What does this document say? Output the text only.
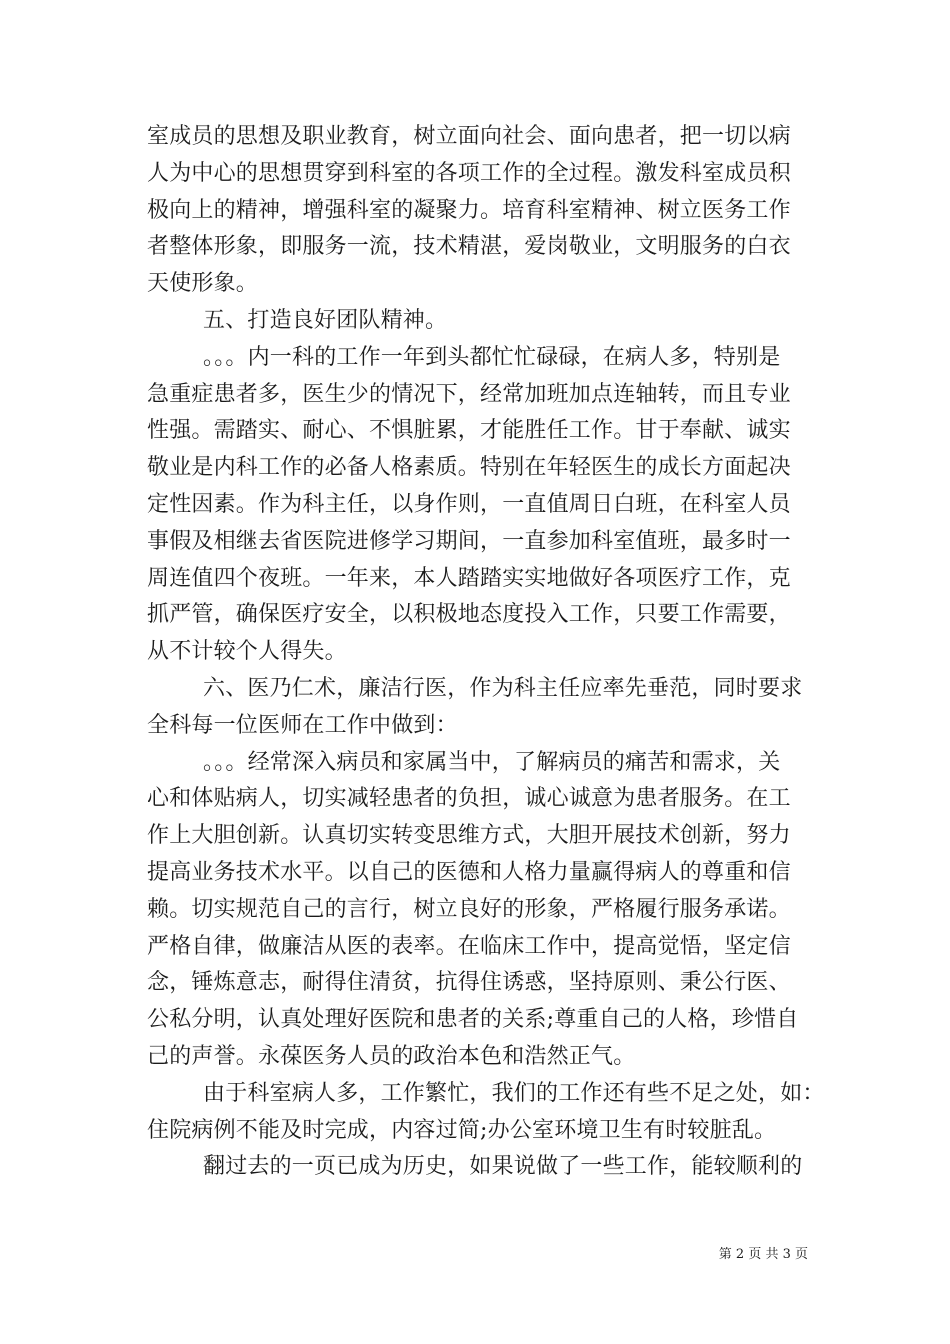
室成员的思想及职业教育，树立面向社会、面向患者，把一切以病
人为中心的思想贯穿到科室的各项工作的全过程。激发科室成员积
极向上的精神，增强科室的凝聚力。培育科室精神、树立医务工作
者整体形象，即服务一流，技术精湛，爱岗敬业，文明服务的白衣
天使形象。
五、打造良好团队精神。
。。。内一科的工作一年到头都忙忙碌碌，在病人多，特别是
急重症患者多，医生少的情况下，经常加班加点连轴转，而且专业
性强。需踏实、耐心、不惧脏累，才能胜任工作。甘于奉献、诚实
敬业是内科工作的必备人格素质。特别在年轻医生的成长方面起决
定性因素。作为科主任，以身作则，一直值周日白班，在科室人员
事假及相继去省医院进修学习期间，一直参加科室值班，最多时一
周连值四个夜班。一年来，本人踏踏实实地做好各项医疗工作，克
抓严管，确保医疗安全，以积极地态度投入工作，只要工作需要，
从不计较个人得失。
六、医乃仁术，廉洁行医，作为科主任应率先垂范，同时要求
全科每一位医师在工作中做到：
。。。经常深入病员和家属当中，了解病员的痛苦和需求，关
心和体贴病人，切实减轻患者的负担，诚心诚意为患者服务。在工
作上大胆创新。认真切实转变思维方式，大胆开展技术创新，努力
提高业务技术水平。以自己的医德和人格力量赢得病人的尊重和信
赖。切实规范自己的言行，树立良好的形象，严格履行服务承诺。
严格自律，做廉洁从医的表率。在临床工作中，提高觉悟，坚定信
念，锤炼意志，耐得住清贫，抗得住诱惑，坚持原则、秉公行医、
公私分明，认真处理好医院和患者的关系;尊重自己的人格，珍惜自
己的声誉。永葆医务人员的政治本色和浩然正气。
由于科室病人多，工作繁忙，我们的工作还有些不足之处，如：
住院病例不能及时完成，内容过简;办公室环境卫生有时较脏乱。
翻过去的一页已成为历史，如果说做了一些工作，能较顺利的
第 2 页 共 3 页
